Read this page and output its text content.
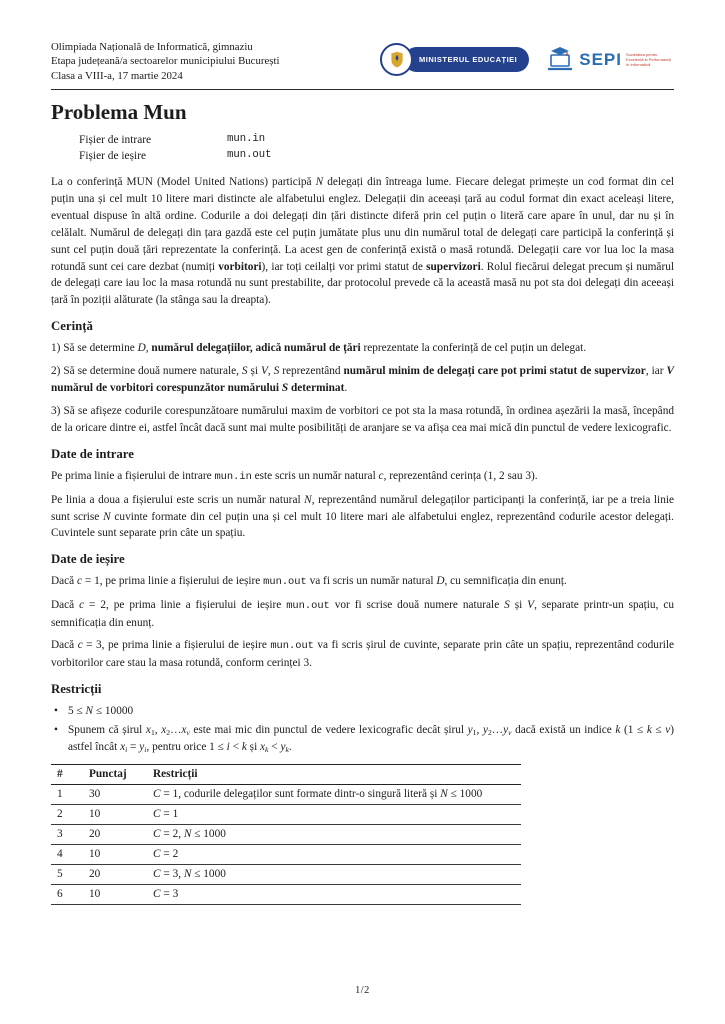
Olimpiada Națională de Informatică, gimnaziu
Etapa județeană/a sectoarelor municipiului București
Clasa a VIII-a, 17 martie 2024
MINISTERUL EDUCAȚIEI	SEPI Societatea pentru Excelență și Performanță în Informatică
Problema Mun
Fișier de intrare	mun.in
Fișier de ieșire	mun.out

La o conferință MUN (Model United Nations) participă N delegați din întreaga lume. Fiecare delegat primește un cod format din cel puțin una și cel mult 10 litere mari distincte ale alfabetului englez. Delegații din aceeași țară au codul format din exact aceleași litere, eventual dispuse în altă ordine. Codurile a doi delegați din țări distincte diferă prin cel puțin o literă care apare în unul, dar nu și în celălalt. Numărul de delegați din țara gazdă este cel puțin jumătate plus unu din numărul total de delegați care participă la conferință și sunt cel puțin două țări reprezentate la conferință. La acest gen de conferință există o masă rotundă. Delegații care vor lua loc la masa rotundă sunt cei care dezbat (numiți vorbitori), iar toți ceilalți vor primi statut de supervizori. Rolul fiecărui delegat precum și numărul de delegați care iau loc la masa rotundă nu sunt prestabilite, dar protocolul prevede că la această masă nu pot sta doi delegați din aceeași țară în poziții alăturate (la stânga sau la dreapta).

Cerință

1) Să se determine D, numărul delegațiilor, adică numărul de țări reprezentate la conferință de cel puțin un delegat.

2) Să se determine două numere naturale, S și V, S reprezentând numărul minim de delegați care pot primi statut de supervizor, iar V numărul de vorbitori corespunzător numărului S determinat.

3) Să se afișeze codurile corespunzătoare numărului maxim de vorbitori ce pot sta la masa rotundă, în ordinea așezării la masă, începând de la oricare dintre ei, astfel încât dacă sunt mai multe posibilități de aranjare se va afișa cea mai mică din punctul de vedere lexicografic.

Date de intrare

Pe prima linie a fișierului de intrare mun.in este scris un număr natural c, reprezentând cerința (1, 2 sau 3).

Pe linia a doua a fișierului este scris un număr natural N, reprezentând numărul delegaților participanți la conferință, iar pe a treia linie sunt scrise N cuvinte formate din cel puțin una și cel mult 10 litere mari ale alfabetului englez, reprezentând codurile acestor delegați. Cuvintele sunt separate prin câte un spațiu.

Date de ieșire

Dacă c = 1, pe prima linie a fișierului de ieșire mun.out va fi scris un număr natural D, cu semnificația din enunț.

Dacă c = 2, pe prima linie a fișierului de ieșire mun.out vor fi scrise două numere naturale S și V, separate printr-un spațiu, cu semnificația din enunț.

Dacă c = 3, pe prima linie a fișierului de ieșire mun.out va fi scris șirul de cuvinte, separate prin câte un spațiu, reprezentând codurile vorbitorilor care stau la masa rotundă, conform cerinței 3.

Restricții
• 5 ≤ N ≤ 10000
• Spunem că șirul x1, x2…xv este mai mic din punctul de vedere lexicografic decât șirul y1, y2…yv dacă există un indice k (1 ≤ k ≤ v) astfel încât xi = yi, pentru orice 1 ≤ i < k și xk < yk.
#	Punctaj	Restricții
1	30	C = 1, codurile delegaților sunt formate dintr-o singură literă și N ≤ 1000
2	10	C = 1
3	20	C = 2, N ≤ 1000
4	10	C = 2
5	20	C = 3, N ≤ 1000
6	10	C = 3
1/2
